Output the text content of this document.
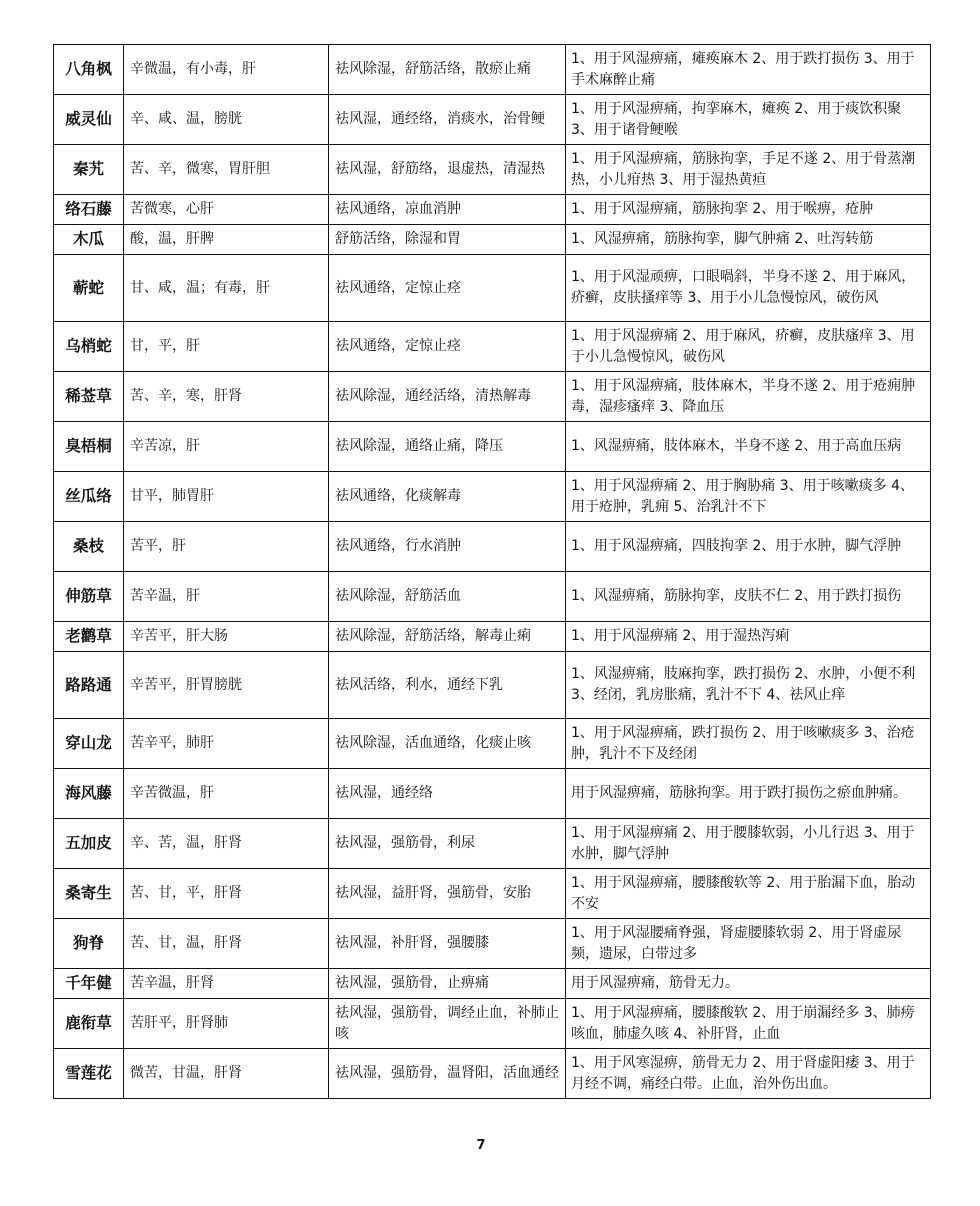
八角枫	辛微温，有小毒，肝	祛风除湿，舒筋活络，散瘀止痛	1、用于风湿痹痛，瘫痪麻木 2、用于跌打损伤 3、用于手术麻醉止痛
威灵仙	辛、咸、温，膀胱	祛风湿，通经络，消痰水，治骨鲠	1、用于风湿痹痛，拘挛麻木，瘫痪 2、用于痰饮积聚 3、用于诸骨鲠喉
秦艽	苦、辛，微寒，胃肝胆	祛风湿，舒筋络，退虚热，清湿热	1、用于风湿痹痛，筋脉拘挛，手足不遂 2、用于骨蒸潮热，小儿疳热 3、用于湿热黄疸
络石藤	苦微寒，心肝	祛风通络，凉血消肿	1、用于风湿痹痛，筋脉拘挛 2、用于喉痹，疮肿
木瓜	酸，温，肝脾	舒筋活络，除湿和胃	1、风湿痹痛，筋脉拘挛，脚气肿痛 2、吐泻转筋
蕲蛇	甘、咸，温；有毒，肝	祛风通络，定惊止痉	1、用于风湿顽痹，口眼喎斜，半身不遂 2、用于麻风，疥癣，皮肤搔痒等 3、用于小儿急慢惊风，破伤风
乌梢蛇	甘，平，肝	祛风通络，定惊止痉	1、用于风湿痹痛 2、用于麻风，疥癣，皮肤瘙痒 3、用于小儿急慢惊风，破伤风
稀莶草	苦、辛，寒，肝肾	祛风除湿，通经活络，清热解毒	1、用于风湿痹痛，肢体麻木，半身不遂 2、用于疮痈肿毒，湿疹瘙痒 3、降血压
臭梧桐	辛苦凉，肝	祛风除湿，通络止痛，降压	1、风湿痹痛，肢体麻木，半身不遂 2、用于高血压病
丝瓜络	甘平，肺胃肝	祛风通络，化痰解毒	1、用于风湿痹痛 2、用于胸胁痛 3、用于咳嗽痰多 4、用于疮肿，乳痈 5、治乳汁不下
桑枝	苦平，肝	祛风通络，行水消肿	1、用于风湿痹痛，四肢拘挛 2、用于水肿，脚气浮肿
伸筋草	苦辛温，肝	祛风除湿，舒筋活血	1、风湿痹痛，筋脉拘挛，皮肤不仁 2、用于跌打损伤
老鹳草	辛苦平，肝大肠	祛风除湿，舒筋活络，解毒止痢	1、用于风湿痹痛 2、用于湿热泻痢
路路通	辛苦平，肝胃膀胱	祛风活络，利水，通经下乳	1、风湿痹痛，肢麻拘挛，跌打损伤 2、水肿，小便不利 3、经闭，乳房胀痛，乳汁不下 4、祛风止痒
穿山龙	苦辛平，肺肝	祛风除湿，活血通络，化痰止咳	1、用于风湿痹痛，跌打损伤 2、用于咳嗽痰多 3、治疮肿，乳汁不下及经闭
海风藤	辛苦微温，肝	祛风湿，通经络	用于风湿痹痛，筋脉拘挛。用于跌打损伤之瘀血肿痛。
五加皮	辛、苦，温，肝肾	祛风湿，强筋骨，利尿	1、用于风湿痹痛 2、用于腰膝软弱，小儿行迟 3、用于水肿，脚气浮肿
桑寄生	苦、甘，平，肝肾	祛风湿，益肝肾，强筋骨，安胎	1、用于风湿痹痛，腰膝酸软等 2、用于胎漏下血，胎动不安
狗脊	苦、甘，温，肝肾	祛风湿，补肝肾，强腰膝	1、用于风湿腰痛脊强，肾虚腰膝软弱 2、用于肾虚尿频，遗尿，白带过多
千年健	苦辛温，肝肾	祛风湿，强筋骨，止痹痛	用于风湿痹痛，筋骨无力。
鹿衔草	苦肝平，肝肾肺	祛风湿，强筋骨，调经止血，补肺止咳	1、用于风湿痹痛，腰膝酸软 2、用于崩漏经多 3、肺痨咳血，肺虚久咳 4、补肝肾，止血
雪莲花	微苦，甘温，肝肾	祛风湿，强筋骨，温肾阳，活血通经	1、用于风寒湿痹，筋骨无力 2、用于肾虚阳痿 3、用于月经不调，痛经白带。止血，治外伤出血。
7
